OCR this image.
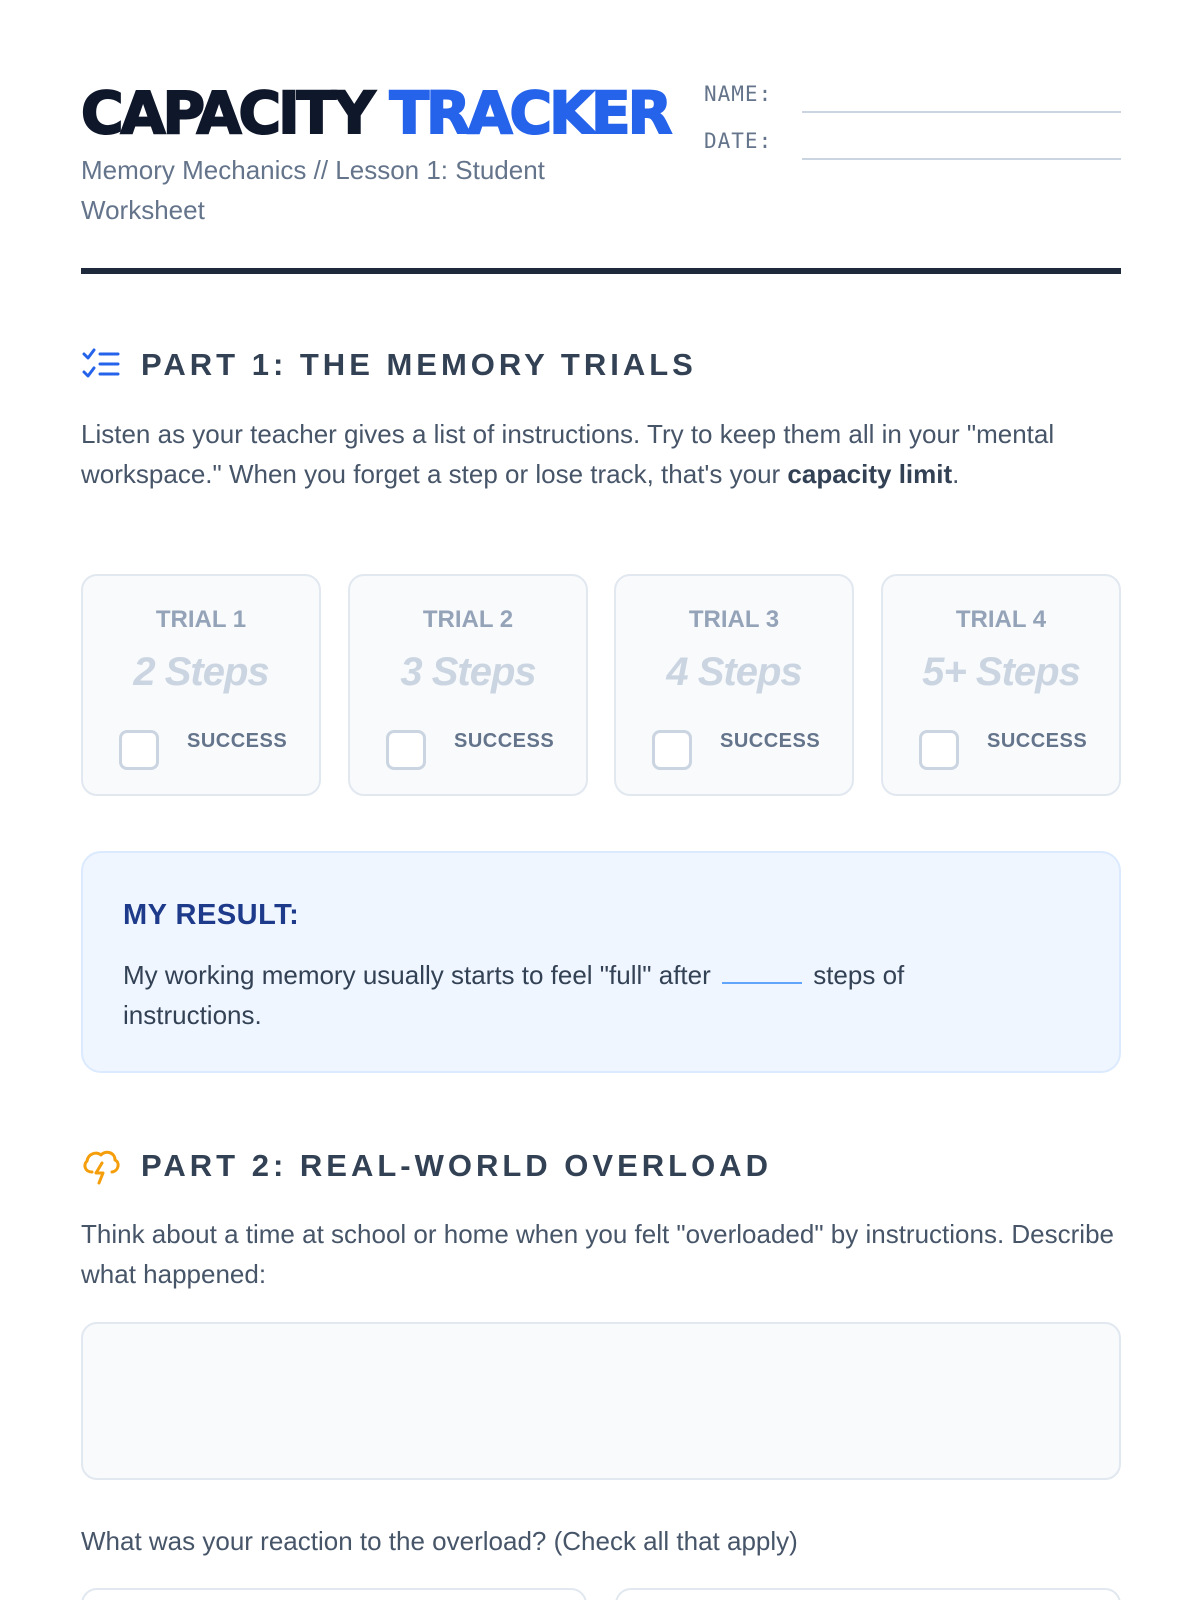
CAPACITY TRACKER
Memory Mechanics // Lesson 1: Student Worksheet
NAME:
DATE:
PART 1: THE MEMORY TRIALS

Listen as your teacher gives a list of instructions. Try to keep them all in your "mental workspace." When you forget a step or lose track, that's your capacity limit.

TRIAL 1
2 Steps
SUCCESS
TRIAL 2
3 Steps
SUCCESS
TRIAL 3
4 Steps
SUCCESS
TRIAL 4
5+ Steps
SUCCESS
MY RESULT:

My working memory usually starts to feel "full" after	steps of instructions.

PART 2: REAL-WORLD OVERLOAD

Think about a time at school or home when you felt "overloaded" by instructions. Describe what happened:

What was your reaction to the overload? (Check all that apply)
